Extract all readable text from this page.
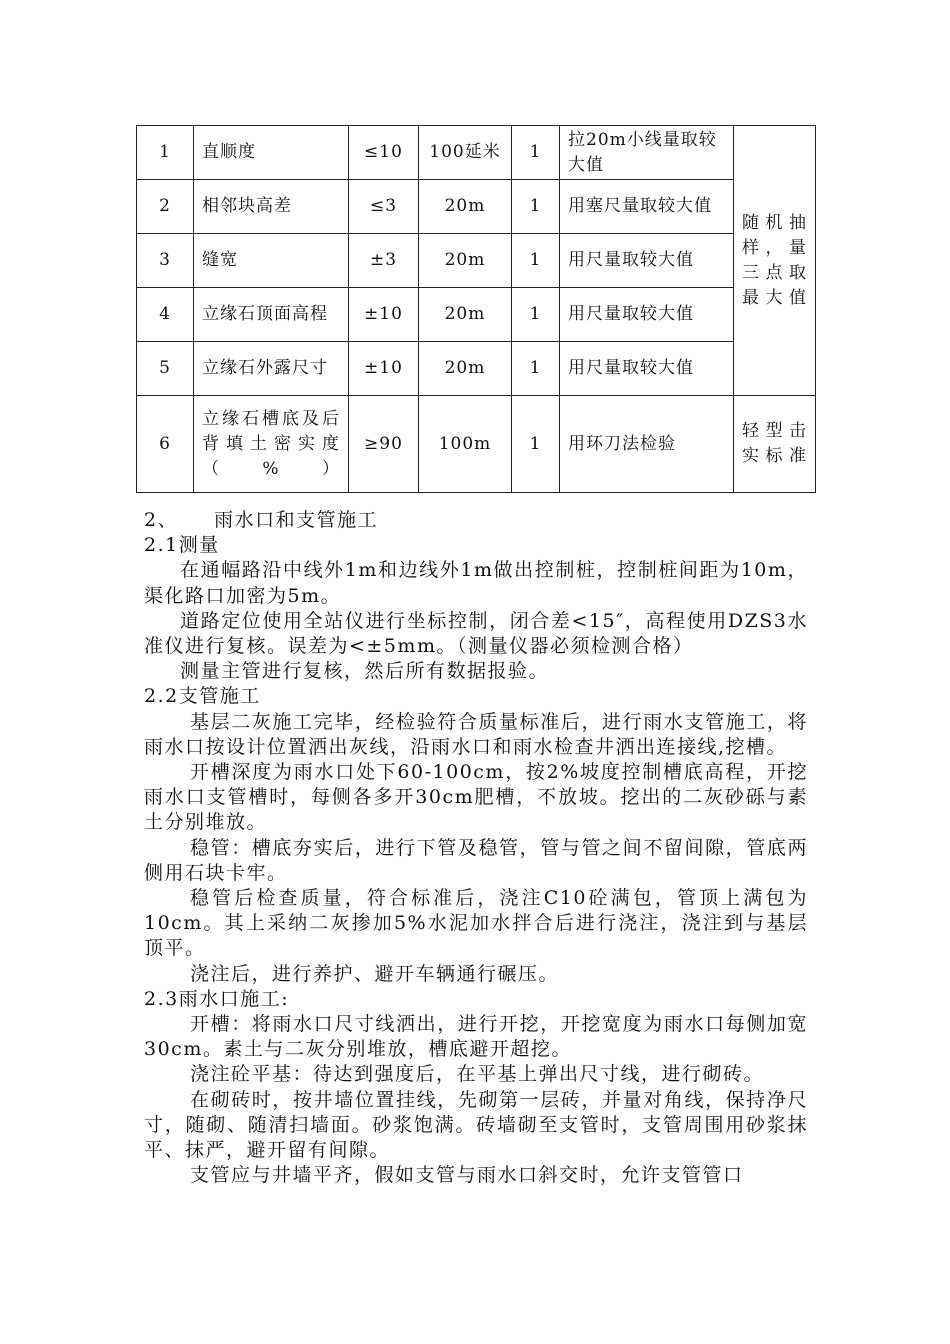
1	直顺度	≤10	100延米	1	拉20m小线量取较大值	随机抽样，量三点取最大值
2	相邻块高差	≤3	20m	1	用塞尺量取较大值	
3	缝宽	±3	20m	1	用尺量取较大值	
4	立缘石顶面高程	±10	20m	1	用尺量取较大值	
5	立缘石外露尺寸	±10	20m	1	用尺量取较大值	
6	立缘石槽底及后背填土密实度（%）	≥90	100m	1	用环刀法检验	轻型击实标准

2、 雨水口和支管施工

2.1测量

在通幅路沿中线外1m和边线外1m做出控制桩，控制桩间距为10m，渠化路口加密为5m。

道路定位使用全站仪进行坐标控制，闭合差<15″，高程使用DZS3水准仪进行复核。误差为<±5mm。（测量仪器必须检测合格）

测量主管进行复核，然后所有数据报验。

2.2支管施工

基层二灰施工完毕，经检验符合质量标准后，进行雨水支管施工，将雨水口按设计位置洒出灰线，沿雨水口和雨水检查井洒出连接线,挖槽。

开槽深度为雨水口处下60-100cm，按2%坡度控制槽底高程，开挖雨水口支管槽时，每侧各多开30cm肥槽，不放坡。挖出的二灰砂砾与素土分别堆放。

稳管：槽底夯实后，进行下管及稳管，管与管之间不留间隙，管底两侧用石块卡牢。

稳管后检查质量，符合标准后，浇注C10砼满包，管顶上满包为10cm。其上采纳二灰掺加5%水泥加水拌合后进行浇注，浇注到与基层顶平。

浇注后，进行养护、避开车辆通行碾压。

2.3雨水口施工:

开槽：将雨水口尺寸线洒出，进行开挖，开挖宽度为雨水口每侧加宽30cm。素土与二灰分别堆放，槽底避开超挖。

浇注砼平基：待达到强度后，在平基上弹出尺寸线，进行砌砖。

在砌砖时，按井墙位置挂线，先砌第一层砖，并量对角线，保持净尺寸，随砌、随清扫墙面。砂浆饱满。砖墙砌至支管时，支管周围用砂浆抹平、抹严，避开留有间隙。

支管应与井墙平齐，假如支管与雨水口斜交时，允许支管管口
